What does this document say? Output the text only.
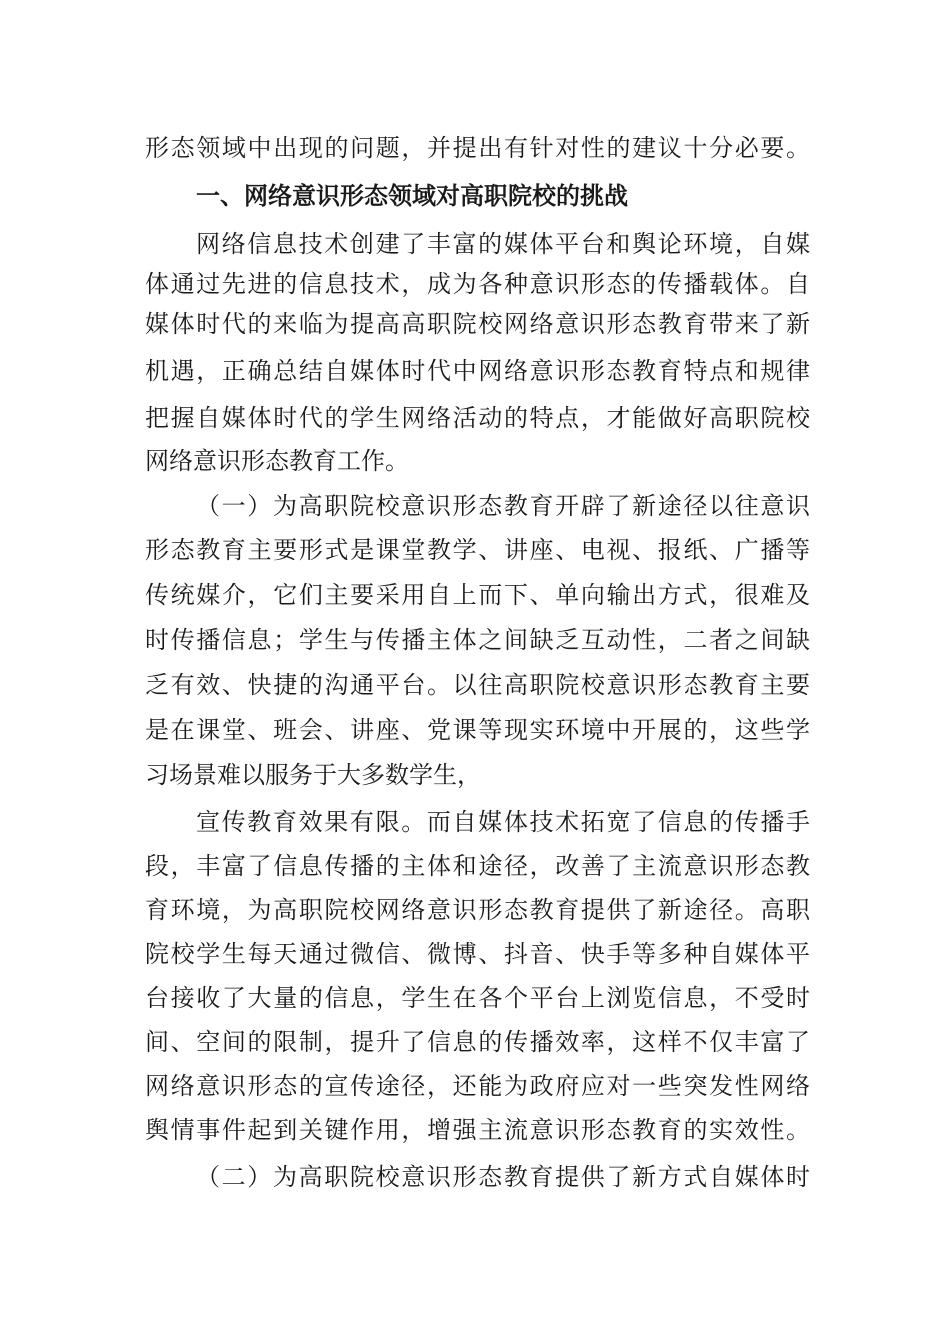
形态领域中出现的问题，并提出有针对性的建议十分必要。
一、网络意识形态领域对高职院校的挑战
网络信息技术创建了丰富的媒体平台和舆论环境，自媒
体通过先进的信息技术，成为各种意识形态的传播载体。自
媒体时代的来临为提高高职院校网络意识形态教育带来了新
机遇，正确总结自媒体时代中网络意识形态教育特点和规律
把握自媒体时代的学生网络活动的特点，才能做好高职院校
网络意识形态教育工作。
（一）为高职院校意识形态教育开辟了新途径以往意识
形态教育主要形式是课堂教学、讲座、电视、报纸、广播等
传统媒介，它们主要采用自上而下、单向输出方式，很难及
时传播信息；学生与传播主体之间缺乏互动性，二者之间缺
乏有效、快捷的沟通平台。以往高职院校意识形态教育主要
是在课堂、班会、讲座、党课等现实环境中开展的，这些学
习场景难以服务于大多数学生，
宣传教育效果有限。而自媒体技术拓宽了信息的传播手
段，丰富了信息传播的主体和途径，改善了主流意识形态教
育环境，为高职院校网络意识形态教育提供了新途径。高职
院校学生每天通过微信、微博、抖音、快手等多种自媒体平
台接收了大量的信息，学生在各个平台上浏览信息，不受时
间、空间的限制，提升了信息的传播效率，这样不仅丰富了
网络意识形态的宣传途径，还能为政府应对一些突发性网络
舆情事件起到关键作用，增强主流意识形态教育的实效性。
（二）为高职院校意识形态教育提供了新方式自媒体时
